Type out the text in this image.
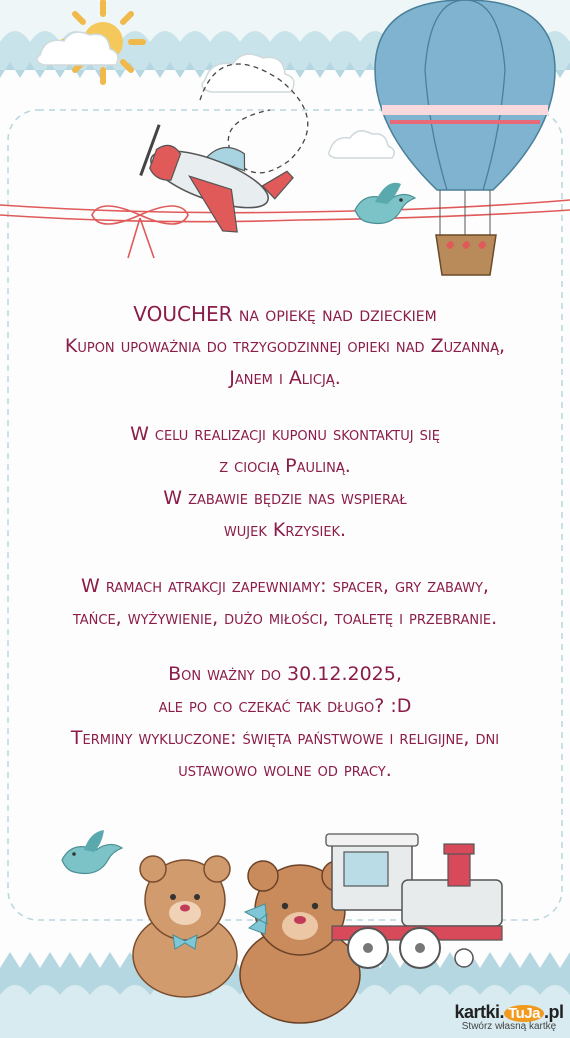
VOUCHER na opiekę nad dzieckiem
Kupon upoważnia do trzygodzinnej opieki nad Zuzanną,
Janem i Alicją.
W celu realizacji kuponu skontaktuj się
z ciocią Pauliną.
W zabawie będzie nas wspierał
wujek Krzysiek.
W ramach atrakcji zapewniamy: spacer, gry zabawy,
tańce, wyżywienie, dużo miłości, toaletę i przebranie.
Bon ważny do 30.12.2025,
ale po co czekać tak długo? :D
Terminy wykluczone: święta państwowe i religijne, dni
ustawowo wolne od pracy.
kartki. TuJa .pl
Stwórz własną kartkę
